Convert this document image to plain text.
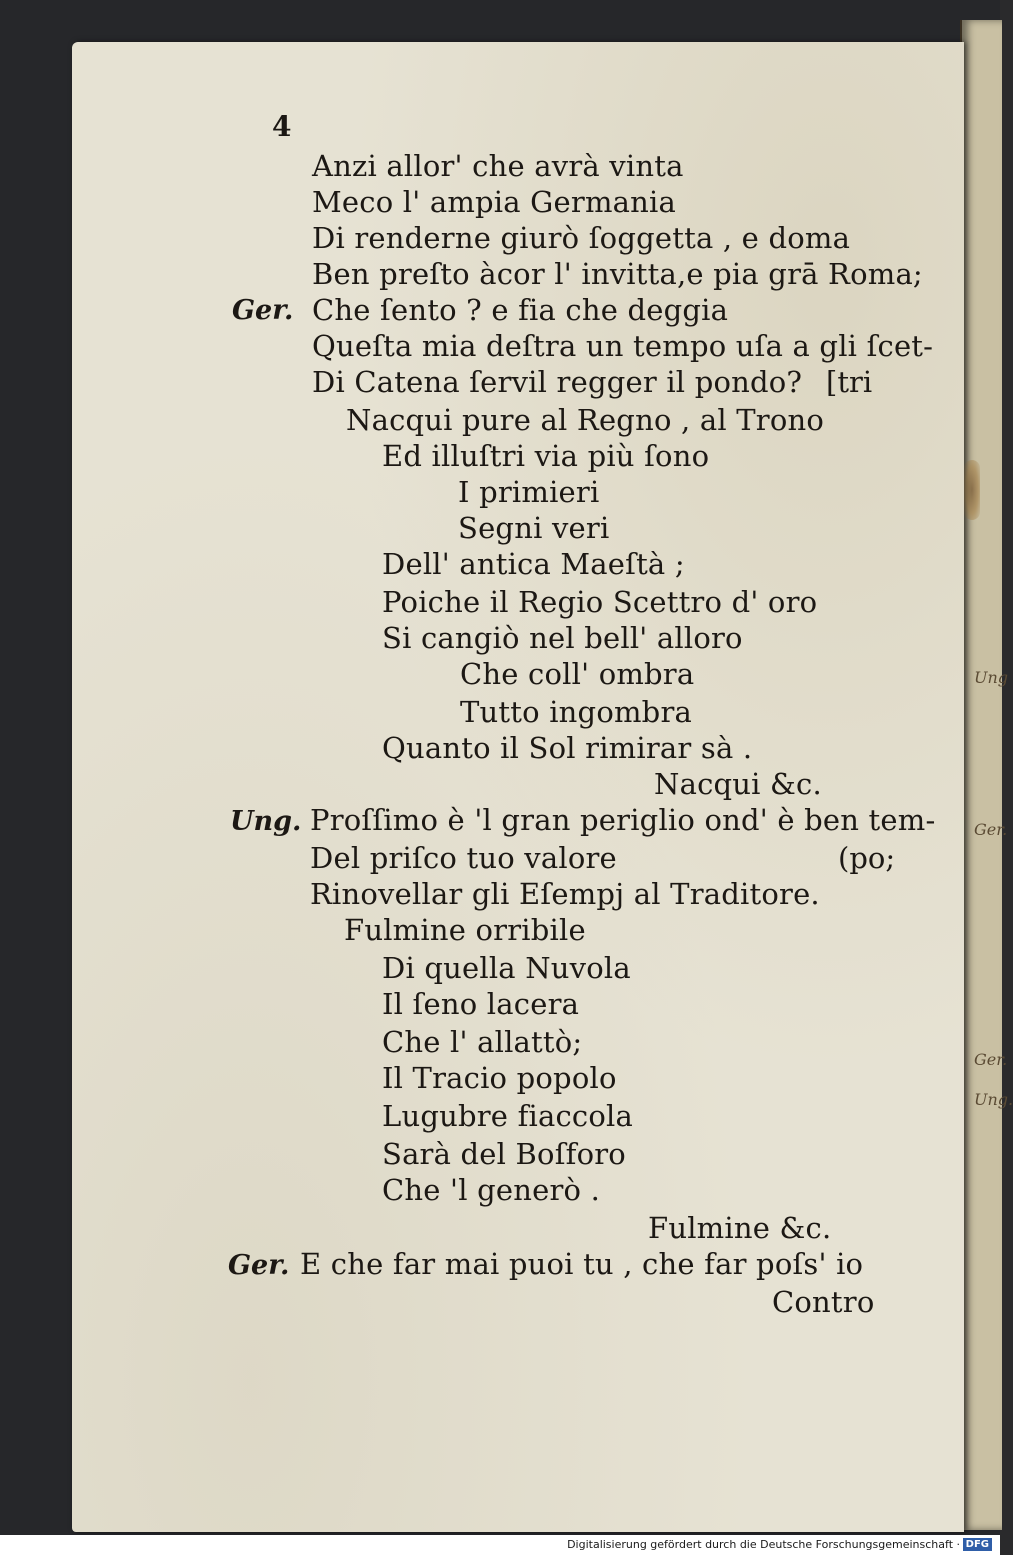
Ung
Ger.
Ger.
Ung.
4
Anzi allor' che avrà vinta
Meco l' ampia Germania
Di renderne giurò ſoggetta , e doma
Ben preſto àcor l' invitta,e pia grā Roma;
Ger. Che ſento ? e fia che deggia
Queſta mia deſtra un tempo uſa a gli ſcet-
Di Catena ſervil regger il pondo? [tri
Nacqui pure al Regno , al Trono
Ed illuſtri via più ſono
I primieri
Segni veri
Dell' antica Maeſtà ;
Poiche il Regio Scettro d' oro
Si cangiò nel bell' alloro
Che coll' ombra
Tutto ingombra
Quanto il Sol rimirar sà .
Nacqui &c.
Ung. Proſſimo è 'l gran periglio ond' è ben tem-
Del priſco tuo valore	(po;
Rinovellar gli Eſempj al Traditore.
Fulmine orribile
Di quella Nuvola
Il ſeno lacera
Che l' allattò;
Il Tracio popolo
Lugubre fiaccola
Sarà del Boſforo
Che 'l generò .
Fulmine &c.
Ger. E che far mai puoi tu , che far poſs' io
Contro
Digitalisierung gefördert durch die Deutsche Forschungsgemeinschaft · DFG
